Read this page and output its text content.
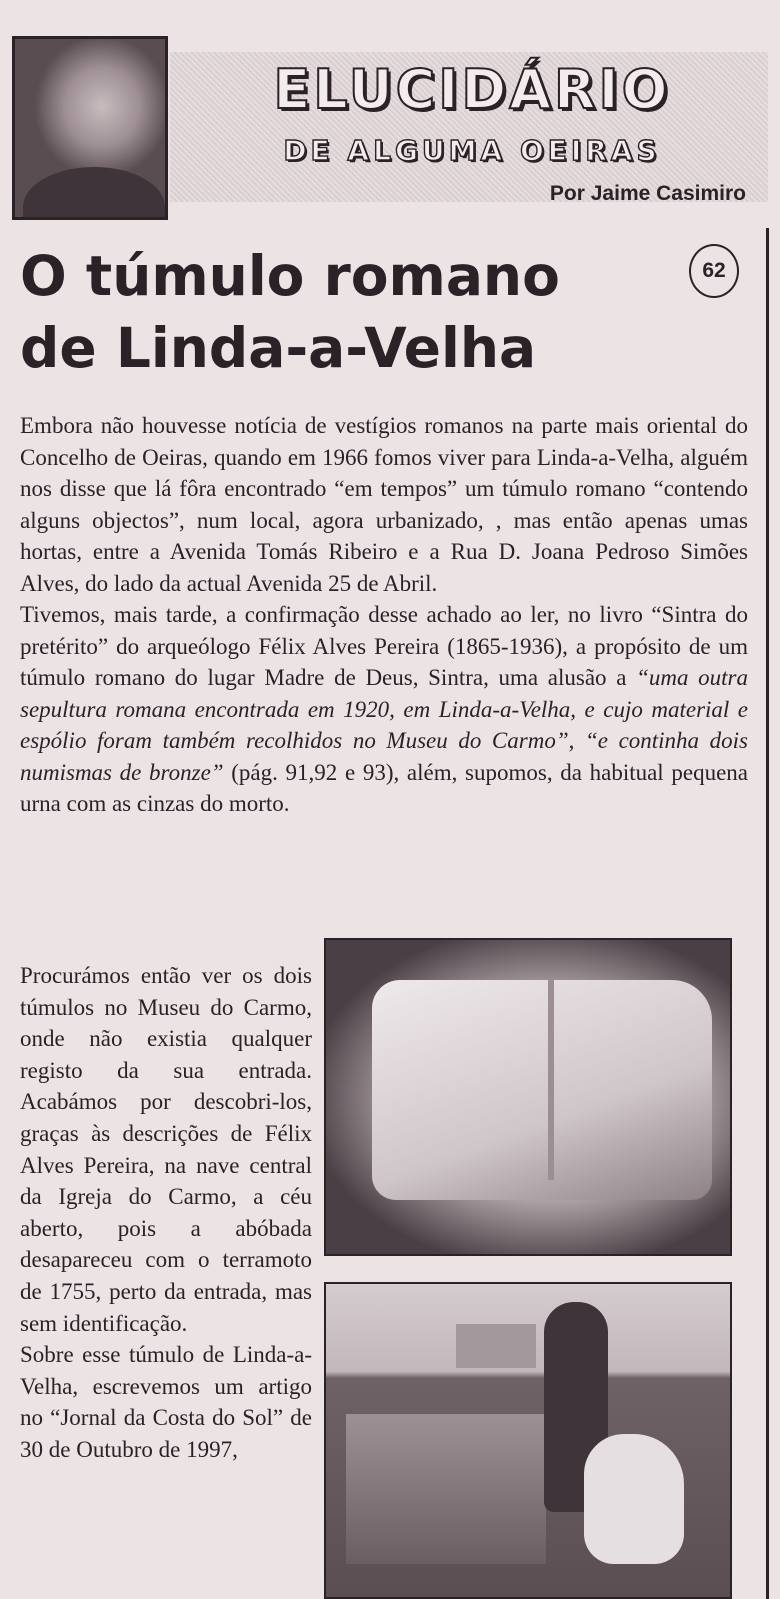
ELUCIDÁRIO
DE ALGUMA OEIRAS
Por Jaime Casimiro
O túmulo romano
de Linda-a-Velha
62

Embora não houvesse notícia de vestígios romanos na parte mais oriental do Concelho de Oeiras, quando em 1966 fomos viver para Linda-a-Velha, alguém nos disse que lá fôra encontrado “em tempos” um túmulo romano “contendo alguns objectos”, num local, agora urbanizado, , mas então apenas umas hortas, entre a Avenida Tomás Ribeiro e a Rua D. Joana Pedroso Simões Alves, do lado da actual Avenida 25 de Abril.

Tivemos, mais tarde, a confirmação desse achado ao ler, no livro “Sintra do pretérito” do arqueólogo Félix Alves Pereira (1865-1936), a propósito de um túmulo romano do lugar Madre de Deus, Sintra, uma alusão a “uma outra sepultura romana encontrada em 1920, em Linda-a-Velha, e cujo material e espólio foram também recolhidos no Museu do Carmo”, “e continha dois numismas de bronze” (pág. 91,92 e 93), além, supomos, da habitual pequena urna com as cinzas do morto.

Procurámos então ver os dois túmulos no Museu do Carmo, onde não existia qualquer registo da sua entrada. Acabámos por descobri-los, graças às descrições de Félix Alves Pereira, na nave central da Igreja do Carmo, a céu aberto, pois a abóbada desapareceu com o terramoto de 1755, perto da entrada, mas sem identificação.

Sobre esse túmulo de Linda-a-Velha, escrevemos um artigo no “Jornal da Costa do Sol” de 30 de Outubro de 1997,
